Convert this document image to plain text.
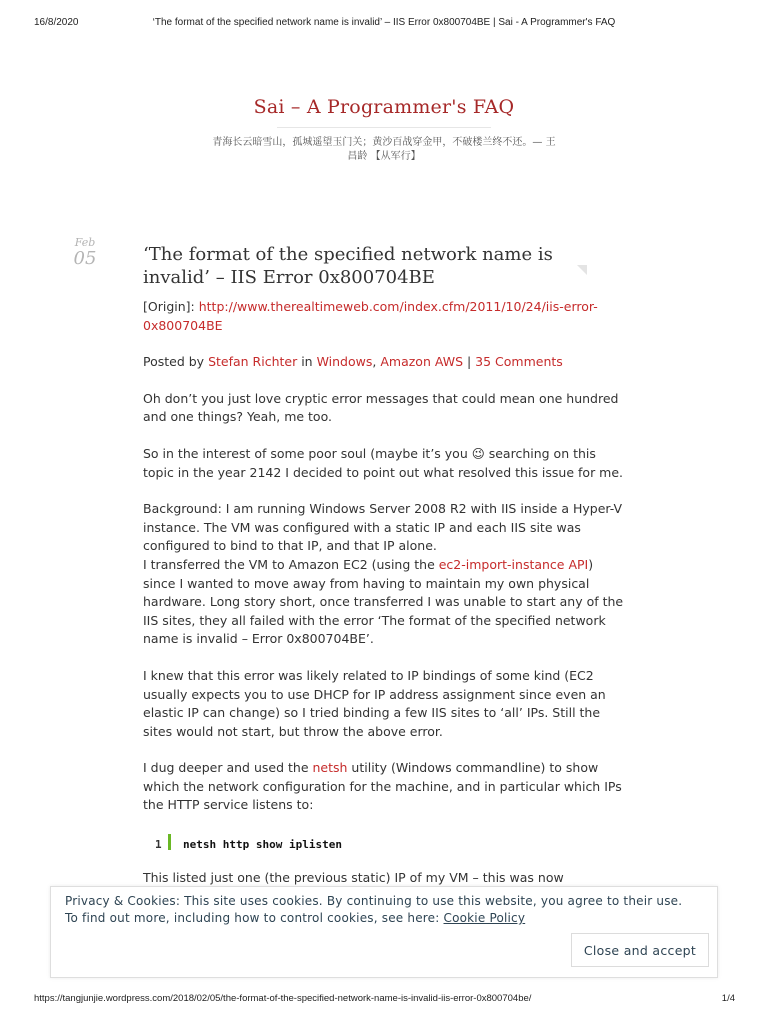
16/8/2020	‘The format of the specified network name is invalid’ – IIS Error 0x800704BE | Sai - A Programmer's FAQ
Sai – A Programmer's FAQ
青海长云暗雪山，孤城遥望玉门关；黄沙百战穿金甲，不破楼兰终不还。— 王
昌龄 【从军行】
Feb
05	‘The format of the specified network name is invalid’ – IIS Error 0x800704BE

[Origin]: http://www.therealtimeweb.com/index.cfm/2011/10/24/iis-error-0x800704BE

Posted by Stefan Richter in Windows, Amazon AWS | 35 Comments

Oh don’t you just love cryptic error messages that could mean one hundred and one things? Yeah, me too.

So in the interest of some poor soul (maybe it’s you 😉 searching on this topic in the year 2142 I decided to point out what resolved this issue for me.

Background: I am running Windows Server 2008 R2 with IIS inside a Hyper-V instance. The VM was configured with a static IP and each IIS site was configured to bind to that IP, and that IP alone.
I transferred the VM to Amazon EC2 (using the ec2-import-instance API) since I wanted to move away from having to maintain my own physical hardware. Long story short, once transferred I was unable to start any of the IIS sites, they all failed with the error ‘The format of the specified network name is invalid – Error 0x800704BE’.

I knew that this error was likely related to IP bindings of some kind (EC2 usually expects you to use DHCP for IP address assignment since even an elastic IP can change) so I tried binding a few IIS sites to ‘all’ IPs. Still the sites would not start, but throw the above error.

I dug deeper and used the netsh utility (Windows commandline) to show which the network configuration for the machine, and in particular which IPs the HTTP service listens to:

1 netsh http show iplisten

This listed just one (the previous static) IP of my VM – this was now

Privacy & Cookies: This site uses cookies. By continuing to use this website, you agree to their use.
To find out more, including how to control cookies, see here: Cookie Policy
Close and accept
https://tangjunjie.wordpress.com/2018/02/05/the-format-of-the-specified-network-name-is-invalid-iis-error-0x800704be/	1/4
